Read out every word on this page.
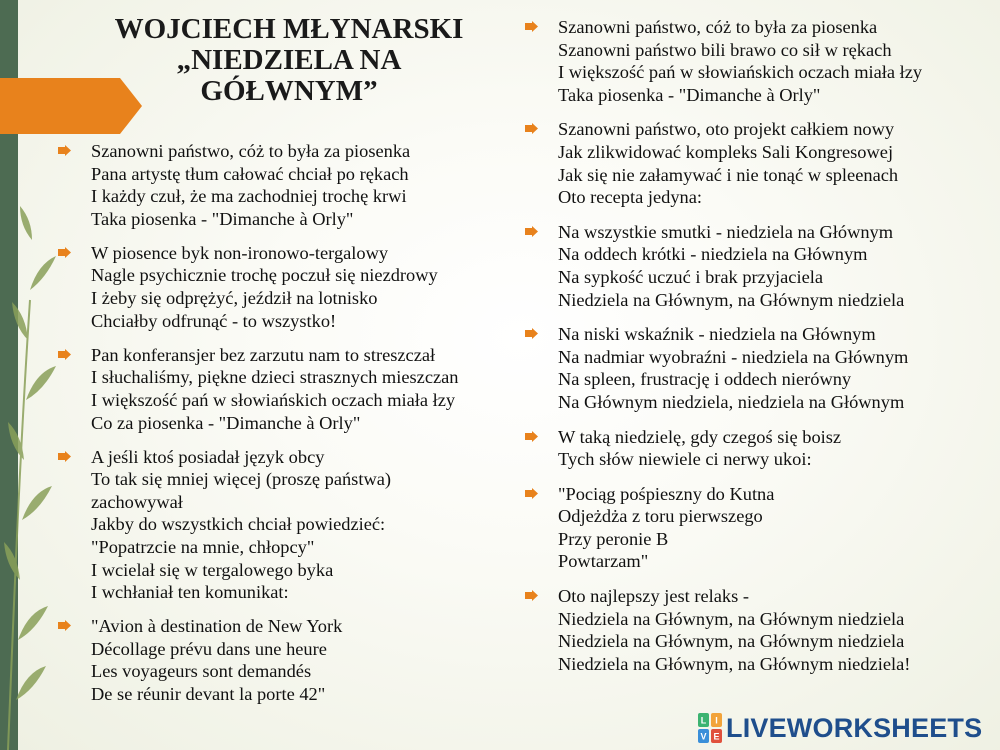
WOJCIECH MŁYNARSKI
„NIEDZIELA NA
GÓŁWNYM”
Szanowni państwo, cóż to była za piosenka
Pana artystę tłum całować chciał po rękach
I każdy czuł, że ma zachodniej trochę krwi
Taka piosenka - "Dimanche à Orly"
W piosence byk non-ironowo-tergalowy
Nagle psychicznie trochę poczuł się niezdrowy
I żeby się odprężyć, jeździł na lotnisko
Chciałby odfrunąć - to wszystko!
Pan konferansjer bez zarzutu nam to streszczał
I słuchaliśmy, piękne dzieci strasznych mieszczan
I większość pań w słowiańskich oczach miała łzy
Co za piosenka - "Dimanche à Orly"
A jeśli ktoś posiadał język obcy
To tak się mniej więcej (proszę państwa) zachowywał
Jakby do wszystkich chciał powiedzieć:
"Popatrzcie na mnie, chłopcy"
I wcielał się w tergalowego byka
I wchłaniał ten komunikat:
"Avion à destination de New York
Décollage prévu dans une heure
Les voyageurs sont demandés
De se réunir devant la porte 42"
Szanowni państwo, cóż to była za piosenka
Szanowni państwo bili brawo co sił w rękach
I większość pań w słowiańskich oczach miała łzy
Taka piosenka - "Dimanche à Orly"
Szanowni państwo, oto projekt całkiem nowy
Jak zlikwidować kompleks Sali Kongresowej
Jak się nie załamywać i nie tonąć w spleenach
Oto recepta jedyna:
Na wszystkie smutki - niedziela na Głównym
Na oddech krótki - niedziela na Głównym
Na sypkość uczuć i brak przyjaciela
Niedziela na Głównym, na Głównym niedziela
Na niski wskaźnik - niedziela na Głównym
Na nadmiar wyobraźni - niedziela na Głównym
Na spleen, frustrację i oddech nierówny
Na Głównym niedziela, niedziela na Głównym
W taką niedzielę, gdy czegoś się boisz
Tych słów niewiele ci nerwy ukoi:
"Pociąg pośpieszny do Kutna
Odjeżdża z toru pierwszego
Przy peronie B
Powtarzam"
Oto najlepszy jest relaks -
Niedziela na Głównym, na Głównym niedziela
Niedziela na Głównym, na Głównym niedziela
Niedziela na Głównym, na Głównym niedziela!
L I
V E LIVEWORKSHEETS
